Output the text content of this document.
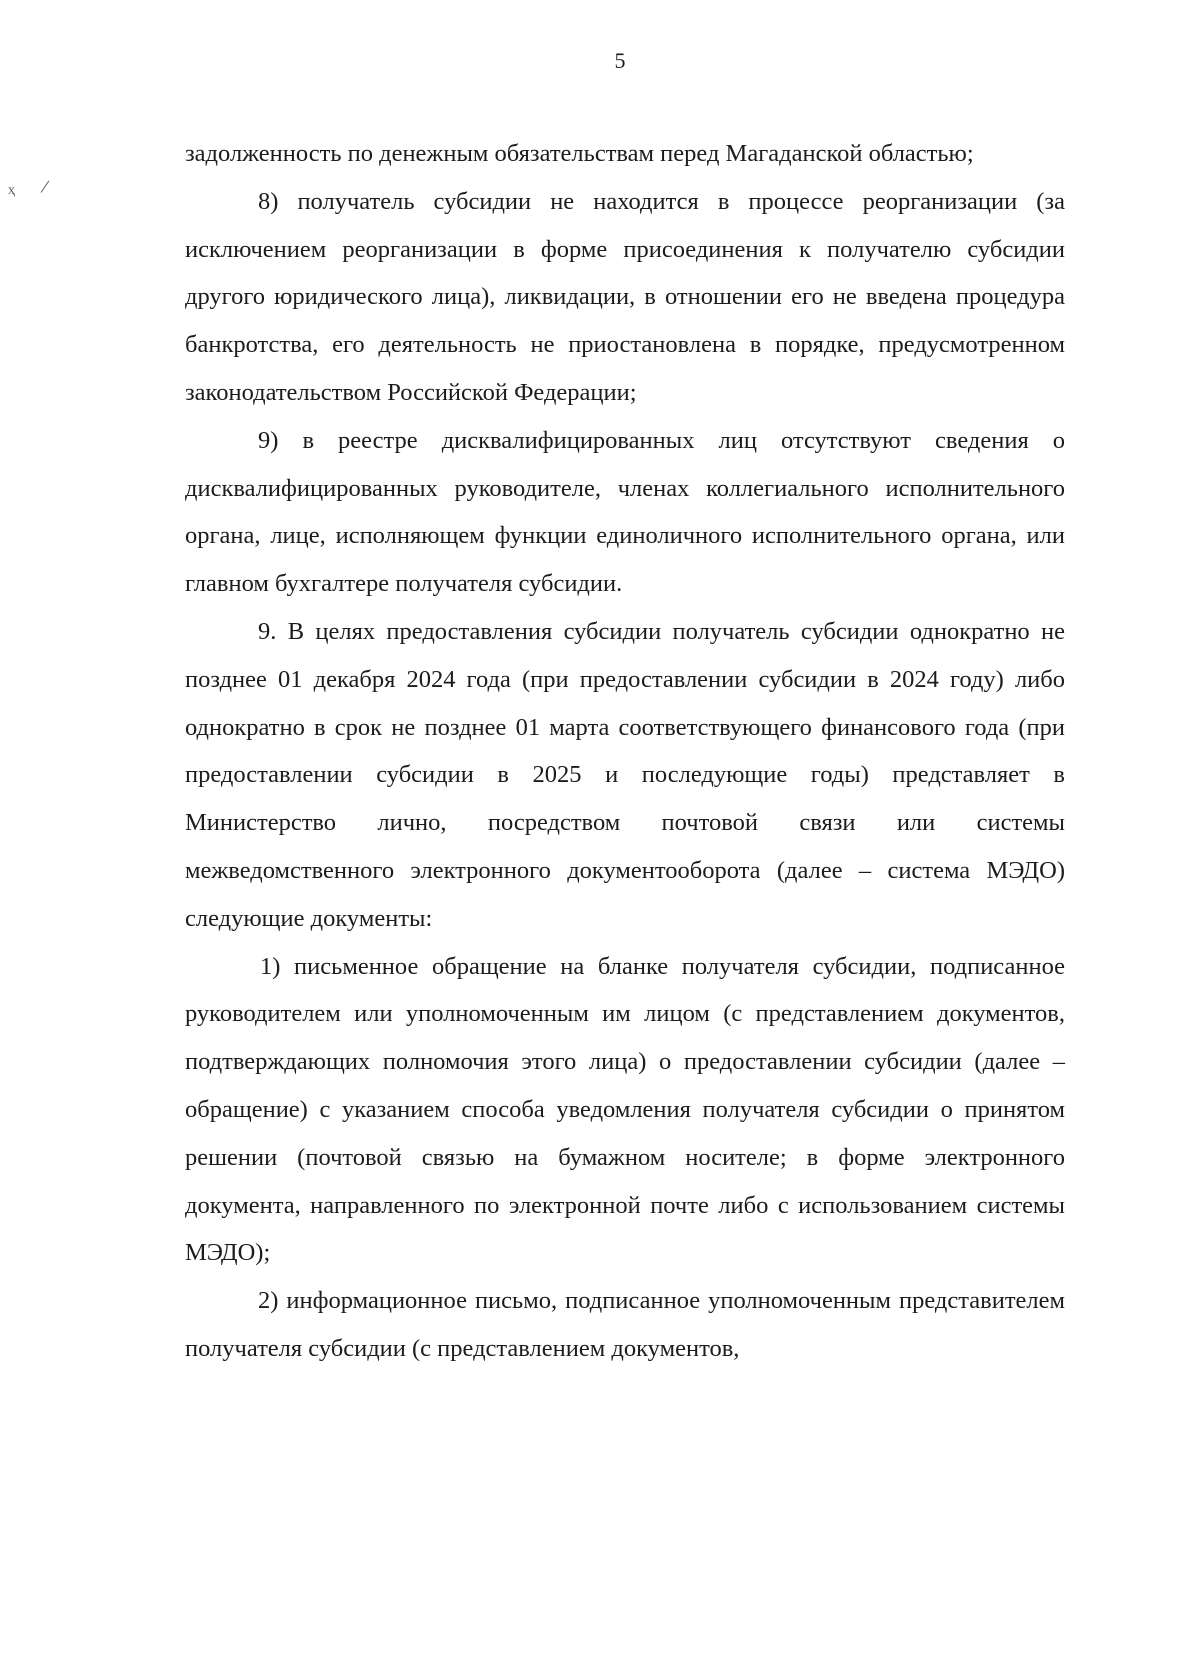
5
ҳ /

задолженность по денежным обязательствам перед Магаданской областью;

8) получатель субсидии не находится в процессе реорганизации (за исключением реорганизации в форме присоединения к получателю субсидии другого юридического лица), ликвидации, в отношении его не введена процедура банкротства, его деятельность не приостановлена в порядке, предусмотренном законодательством Российской Федерации;

9) в реестре дисквалифицированных лиц отсутствуют сведения о дисквалифицированных руководителе, членах коллегиального исполнительного органа, лице, исполняющем функции единоличного исполнительного органа, или главном бухгалтере получателя субсидии.

9. В целях предоставления субсидии получатель субсидии однократно не позднее 01 декабря 2024 года (при предоставлении субсидии в 2024 году) либо однократно в срок не позднее 01 марта соответствующего финансового года (при предоставлении субсидии в 2025 и последующие годы) представляет в Министерство лично, посредством почтовой связи или системы межведомственного электронного документооборота (далее – система МЭДО) следующие документы:

1) письменное обращение на бланке получателя субсидии, подписанное руководителем или уполномоченным им лицом (с представлением документов, подтверждающих полномочия этого лица) о предоставлении субсидии (далее – обращение) с указанием способа уведомления получателя субсидии о принятом решении (почтовой связью на бумажном носителе; в форме электронного документа, направленного по электронной почте либо с использованием системы МЭДО);

2) информационное письмо, подписанное уполномоченным представителем получателя субсидии (с представлением документов,
